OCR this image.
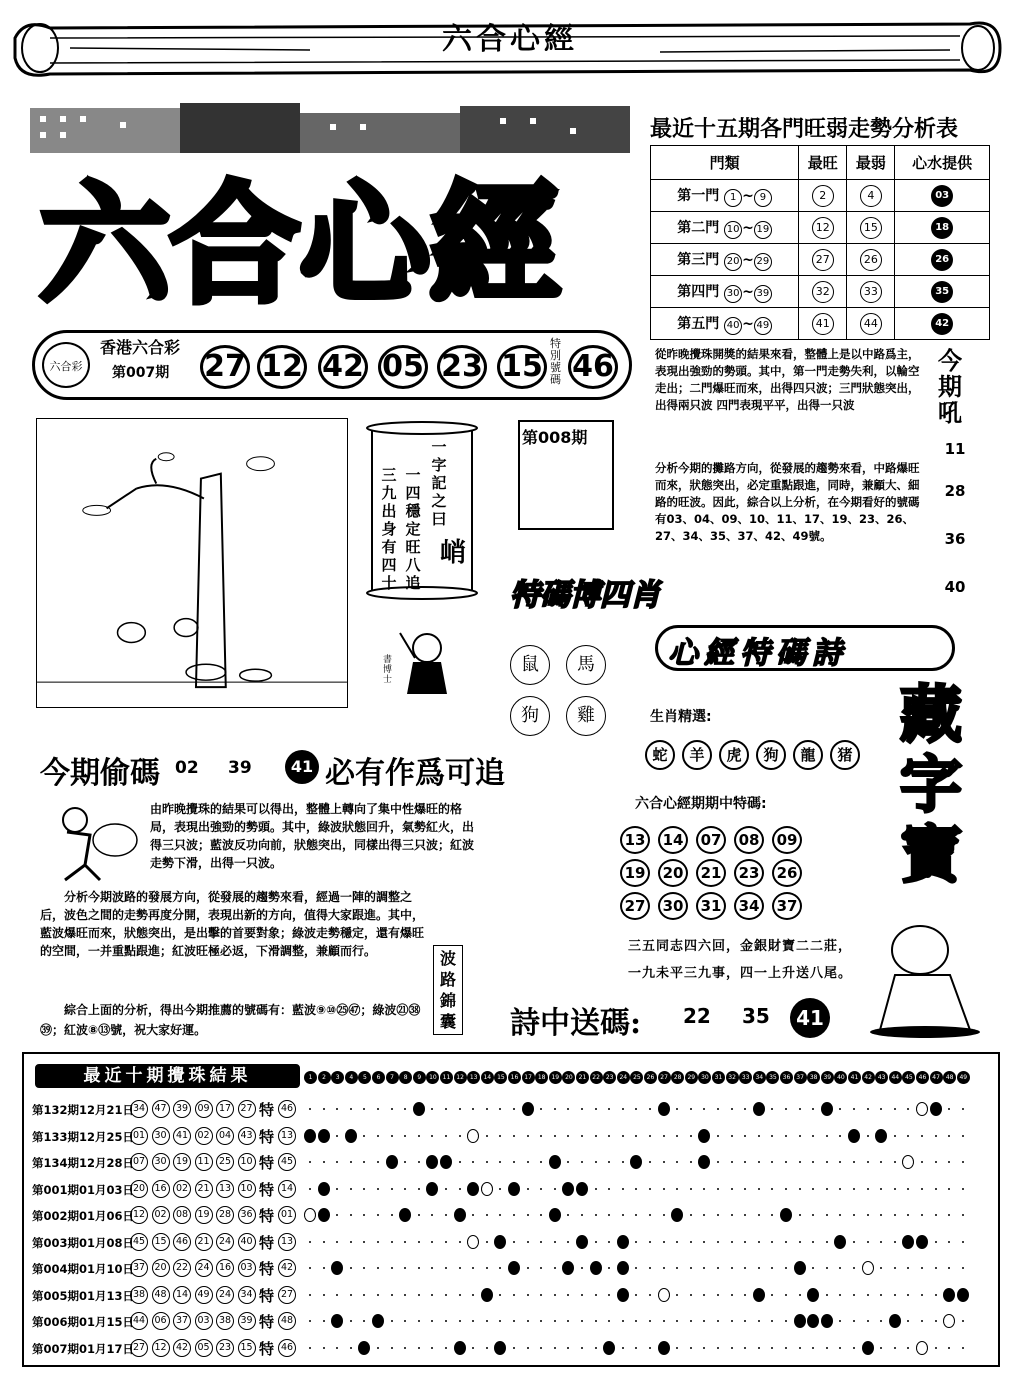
六合心經
六合心經
六合彩
香港六合彩
第007期 27 12 42 05 23 15
特別號碼 46
最近十五期各門旺弱走勢分析表
門類	最旺	最弱	心水提供
第一門 1 ~ 9	2	4	03
第二門 10 ~ 19	12	15	18
第三門 20 ~ 29	27	26	26
第四門 30 ~ 39	32	33	35
第五門 40 ~ 49	41	44	42
從昨晚攪珠開獎的結果來看，整體上是以中路爲主，表現出強勁的勢頭。其中，第一門走勢失利，以輪空走出；二門爆旺而來，出得四只波；三門狀態突出，出得兩只波 四門表現平平，出得一只波
分析今期的攤路方向，從發展的趨勢來看，中路爆旺而來，狀態突出，必定重點跟進，同時，兼顧大、細路的旺波。因此，綜合以上分析，在今期看好的號碼有03、04、09、10、11、17、19、23、26、27、34、35、37、42、49號。
今期吼
11
28
36
40
一字記之曰
一四穩定旺八追
三九出身有四十
峭
第008期
特碼博四肖
鼠	馬
狗	雞
書博士
心經特碼詩
藏字寶
生肖精選:
蛇	羊	虎	狗	龍	猪
六合心經期期中特碼:
13	14	07	08	09
19	20	21	23	26
27	30	31	34	37
三五同志四六回，金銀財寶二二莊，
一九未平三九事，四一上升送八尾。
今期偷碼 02 39	41 必有作爲可追
由昨晚攪珠的結果可以得出，整體上轉向了集中性爆旺的格局，表現出強勁的勢頭。其中，綠波狀態回升，氣勢紅火，出得三只波；藍波反功向前，狀態突出，同樣出得三只波；紅波走勢下滑，出得一只波。
分析今期波路的發展方向，從發展的趨勢來看，經過一陣的調整之后，波色之間的走勢再度分開，表現出新的方向，值得大家跟進。其中，藍波爆旺而來，狀態突出，是出擊的首要對象；綠波走勢穩定，還有爆旺的空間，一并重點跟進；紅波旺極必返，下滑調整，兼顧而行。
綜合上面的分析，得出今期推薦的號碼有：藍波⑨⑩㉕㊼；綠波㉑㊳㊴；紅波⑧⑬號，祝大家好運。
波路錦囊 詩中送碼: 22 35	41
最近十期攪珠結果	1	2	3	4	5	6	7	8	9	10 11 12 13 14 15 16 17 18 19 20 21 22 23 24 25 26 27 28 29 30 31 32 33 34 35 36 37 38 39 40 41 42 43 44 45 46 47 48 49
第132期12月21日
34 47 39 09 17 27 特 46
第133期12月25日
01 30 41 02 04 43 特 13
第134期12月28日
07 30 19 11 25 10 特 45
第001期01月03日
20 16 02 21 13 10 特 14
第002期01月06日
12 02 08 19 28 36 特 01
第003期01月08日
45 15 46 21 24 40 特 13
第004期01月10日
37 20 22 24 16 03 特 42
第005期01月13日
38 48 14 49 24 34 特 27
第006期01月15日
44 06 37 03 38 39 特 48
第007期01月17日
27 12 42 05 23 15 特 46
